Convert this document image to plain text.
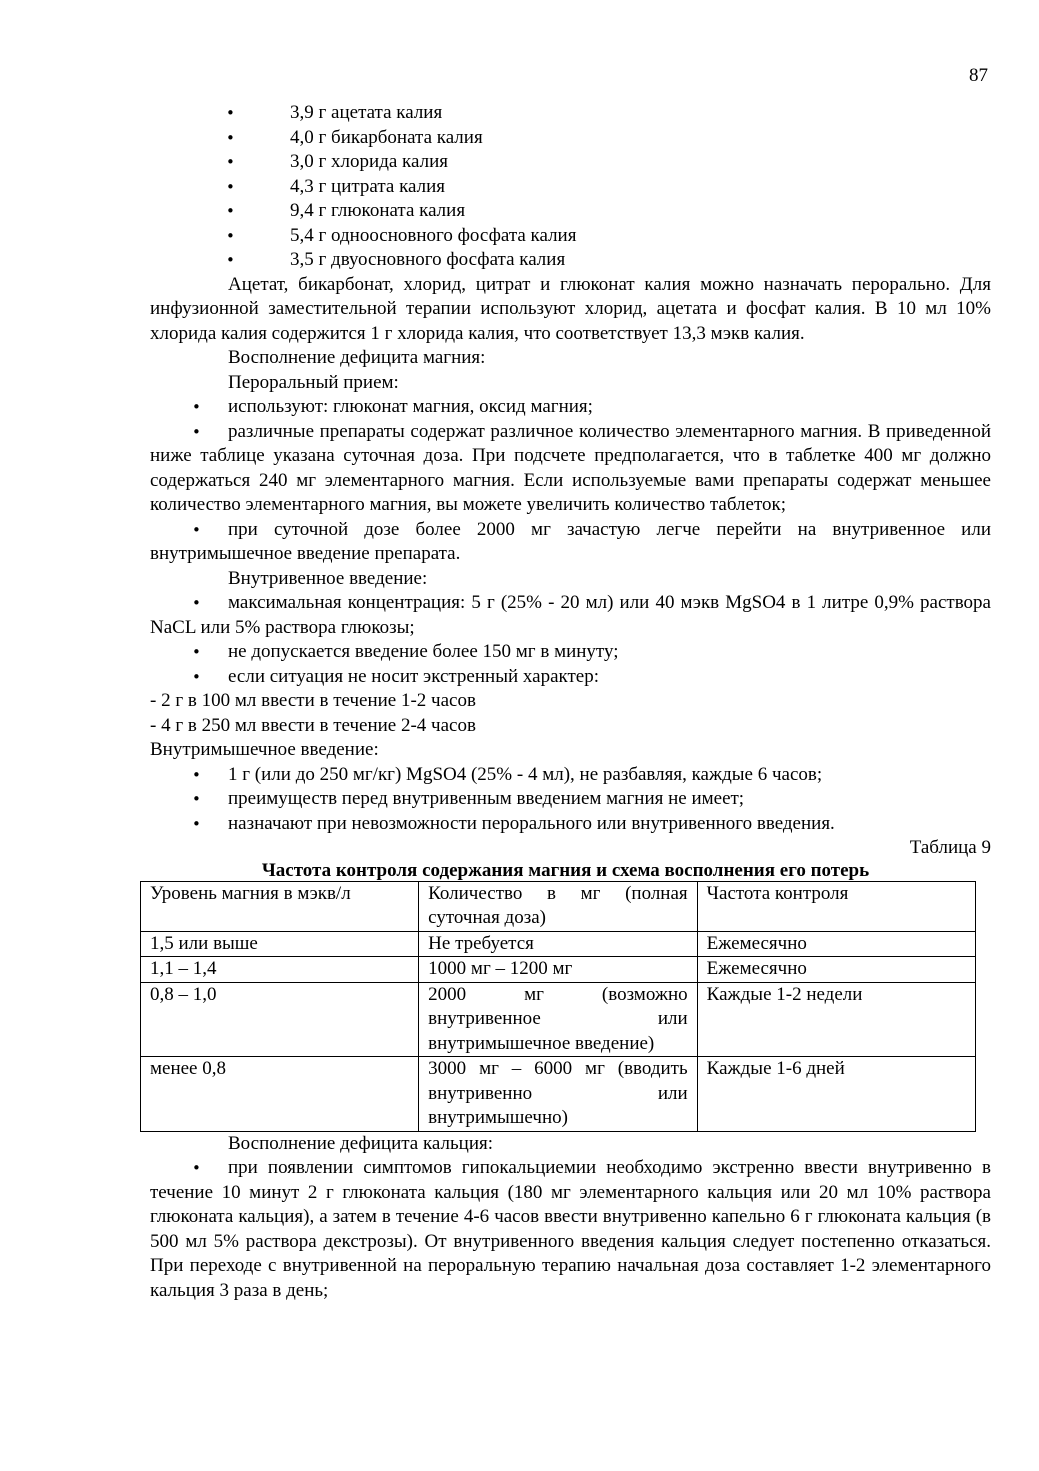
87
• 3,9 г ацетата калия
• 4,0 г бикарбоната калия
• 3,0 г хлорида калия
• 4,3 г цитрата калия
• 9,4 г глюконата калия
• 5,4 г одноосновного фосфата калия
• 3,5 г двуосновного фосфата калия
Ацетат, бикарбонат, хлорид, цитрат и глюконат калия можно назначать перорально. Для инфузионной заместительной терапии используют хлорид, ацетата и фосфат калия. В 10 мл 10% хлорида калия содержится 1 г хлорида калия, что соответствует 13,3 мэкв калия.
Восполнение дефицита магния:
Пероральный прием:
• используют: глюконат магния, оксид магния;
• различные препараты содержат различное количество элементарного магния. В приведенной ниже таблице указана суточная доза. При подсчете предполагается, что в таблетке 400 мг должно содержаться 240 мг элементарного магния. Если используемые вами препараты содержат меньшее количество элементарного магния, вы можете увеличить количество таблеток;
• при суточной дозе более 2000 мг зачастую легче перейти на внутривенное или внутримышечное введение препарата.
Внутривенное введение:
• максимальная концентрация: 5 г (25% - 20 мл) или 40 мэкв MgSO4 в 1 литре 0,9% раствора NaCL или 5% раствора глюкозы;
• не допускается введение более 150 мг в минуту;
• если ситуация не носит экстренный характер:
- 2 г в 100 мл ввести в течение 1-2 часов
- 4 г в 250 мл ввести в течение 2-4 часов
Внутримышечное введение:
• 1 г (или до 250 мг/кг) MgSO4 (25% - 4 мл), не разбавляя, каждые 6 часов;
• преимуществ перед внутривенным введением магния не имеет;
• назначают при невозможности перорального или внутривенного введения.
Таблица 9
Частота контроля содержания магния и схема восполнения его потерь
Уровень магния в мэкв/л	Количество в мг (полная суточная доза)	Частота контроля
1,5 или выше	Не требуется	Ежемесячно
1,1 – 1,4	1000 мг – 1200 мг	Ежемесячно
0,8 – 1,0	2000 мг (возможно внутривенное или внутримышечное введение)	Каждые 1-2 недели
менее 0,8	3000 мг – 6000 мг (вводить внутривенно или внутримышечно)	Каждые 1-6 дней
Восполнение дефицита кальция:
• при появлении симптомов гипокальциемии необходимо экстренно ввести внутривенно в течение 10 минут 2 г глюконата кальция (180 мг элементарного кальция или 20 мл 10% раствора глюконата кальция), а затем в течение 4-6 часов ввести внутривенно капельно 6 г глюконата кальция (в 500 мл 5% раствора декстрозы). От внутривенного введения кальция следует постепенно отказаться. При переходе с внутривенной на пероральную терапию начальная доза составляет 1-2 элементарного кальция 3 раза в день;
